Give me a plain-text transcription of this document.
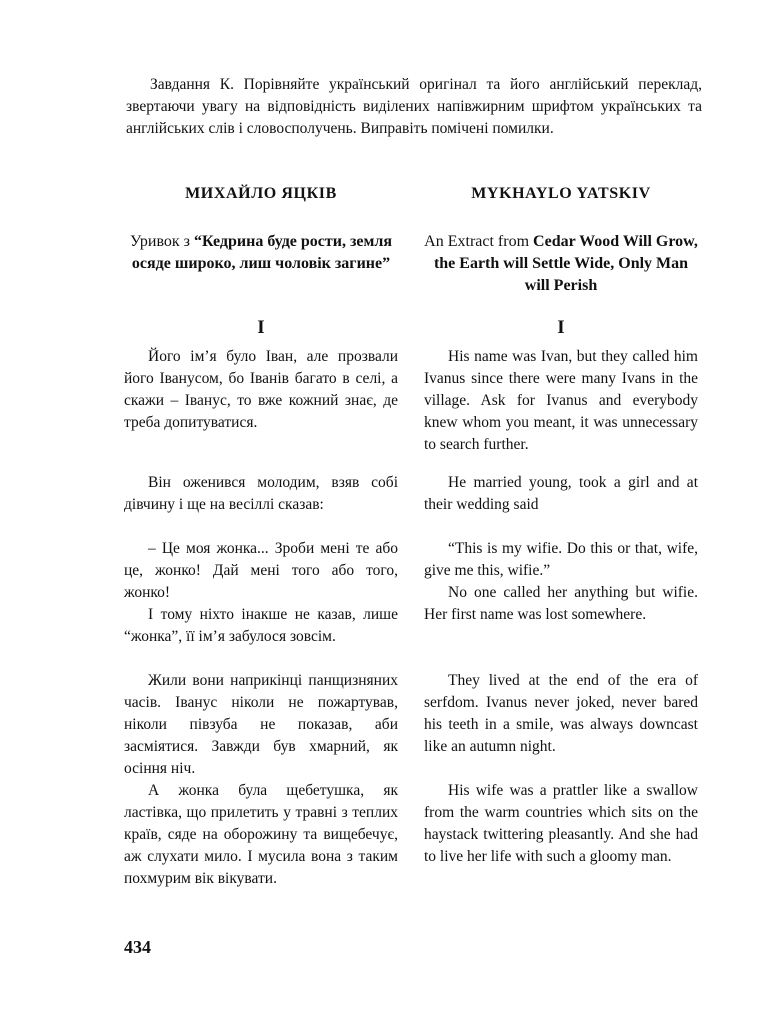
Завдання К. Порівняйте український оригінал та його англійський переклад, звертаючи увагу на відповідність виділених напівжирним шрифтом українських та англійських слів і словосполучень. Виправіть помічені помилки.

МИХАЙЛО ЯЦКІВ

Уривок з “Кедрина буде рости, земля осяде широко, лиш чоловік загине”

I

Його ім’я було Іван, але прозвали його Іванусом, бо Іванів багато в селі, а скажи – Іванус, то вже кожний знає, де треба допитуватися.

Він оженився молодим, взяв собі дівчину і ще на весіллі сказав:

– Це моя жонка... Зроби мені те або це, жонко! Дай мені того або того, жонко!

І тому ніхто інакше не казав, лише “жонка”, її ім’я забулося зовсім.

Жили вони наприкінці панщизняних часів. Іванус ніколи не пожартував, ніколи півзуба не показав, аби засміятися. Завжди був хмарний, як осіння ніч.

А жонка була щебетушка, як ластівка, що прилетить у травні з теплих країв, сяде на оборожину та вищебечує, аж слухати мило. І мусила вона з таким похмурим вік вікувати.

MYKHAYLO YATSKIV

An Extract from Cedar Wood Will Grow, the Earth will Settle Wide, Only Man will Perish

I

His name was Ivan, but they called him Ivanus since there were many Ivans in the village. Ask for Ivanus and everybody knew whom you meant, it was unnecessary to search further.

He married young, took a girl and at their wedding said

“This is my wifie. Do this or that, wife, give me this, wifie.”

No one called her anything but wifie. Her first name was lost somewhere.

They lived at the end of the era of serfdom. Ivanus never joked, never bared his teeth in a smile, was always downcast like an autumn night.

His wife was a prattler like a swallow from the warm countries which sits on the haystack twittering pleasantly. And she had to live her life with such a gloomy man.

434
